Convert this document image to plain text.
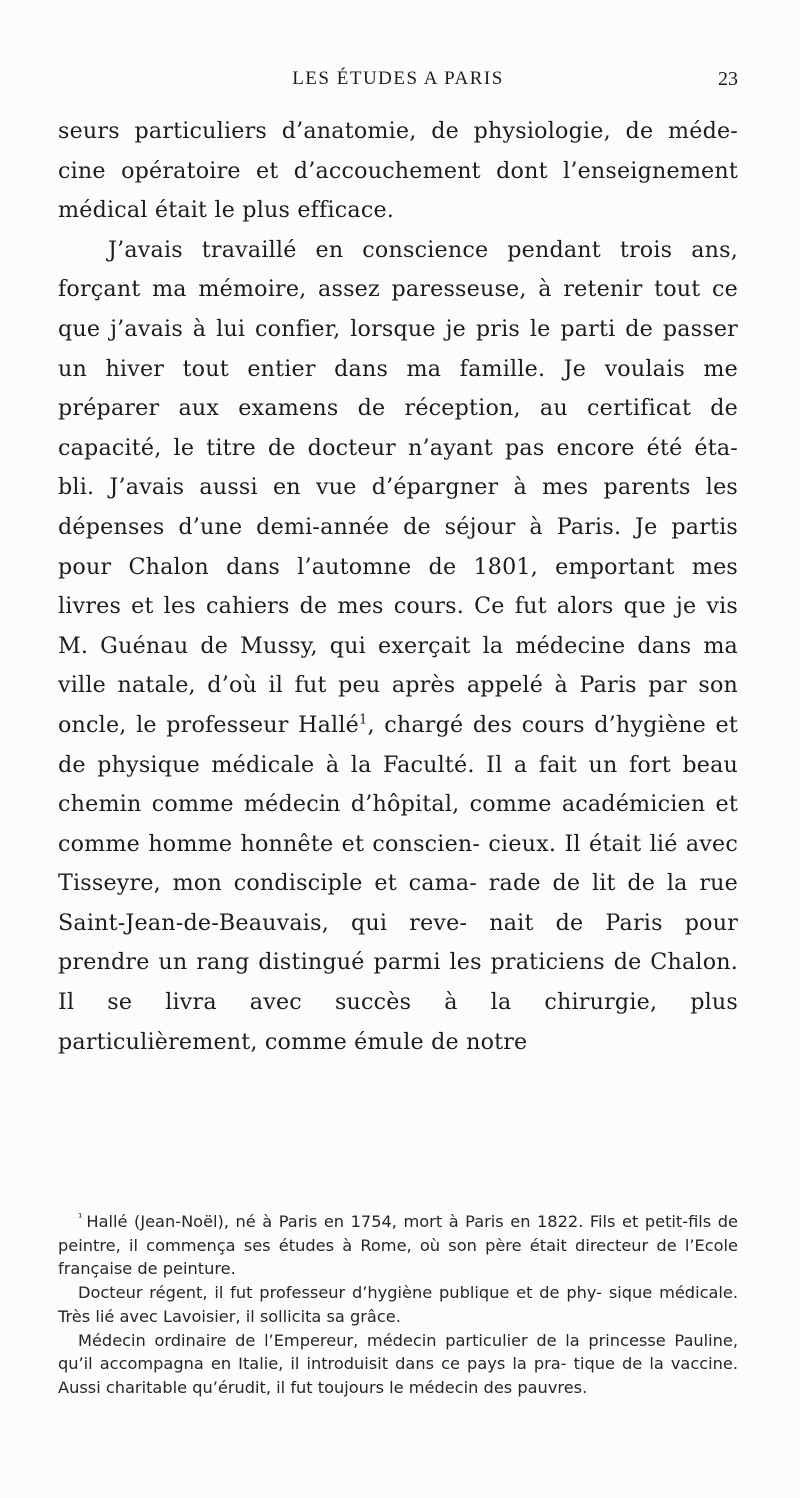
LES ÉTUDES A PARIS	23

seurs particuliers d’anatomie, de physiologie, de méde- cine opératoire et d’accouchement dont l’enseignement médical était le plus efficace.

J’avais travaillé en conscience pendant trois ans, forçant ma mémoire, assez paresseuse, à retenir tout ce que j’avais à lui confier, lorsque je pris le parti de passer un hiver tout entier dans ma famille. Je voulais me préparer aux examens de réception, au certificat de capacité, le titre de docteur n’ayant pas encore été éta- bli. J’avais aussi en vue d’épargner à mes parents les dépenses d’une demi-année de séjour à Paris. Je partis pour Chalon dans l’automne de 1801, emportant mes livres et les cahiers de mes cours. Ce fut alors que je vis M. Guénau de Mussy, qui exerçait la médecine dans ma ville natale, d’où il fut peu après appelé à Paris par son oncle, le professeur Hallé$^1$, chargé des cours d’hygiène et de physique médicale à la Faculté. Il a fait un fort beau chemin comme médecin d’hôpital, comme académicien et comme homme honnête et conscien- cieux. Il était lié avec Tisseyre, mon condisciple et cama- rade de lit de la rue Saint-Jean-de-Beauvais, qui reve- nait de Paris pour prendre un rang distingué parmi les praticiens de Chalon. Il se livra avec succès à la chirurgie, plus particulièrement, comme émule de notre

$^{^1}$ Hallé (Jean-Noël), né à Paris en 1754, mort à Paris en 1822. Fils et petit-fils de peintre, il commença ses études à Rome, où son père était directeur de l’Ecole française de peinture.

Docteur régent, il fut professeur d’hygiène publique et de phy- sique médicale. Très lié avec Lavoisier, il sollicita sa grâce.

Médecin ordinaire de l’Empereur, médecin particulier de la princesse Pauline, qu’il accompagna en Italie, il introduisit dans ce pays la pra- tique de la vaccine. Aussi charitable qu’érudit, il fut toujours le médecin des pauvres.
